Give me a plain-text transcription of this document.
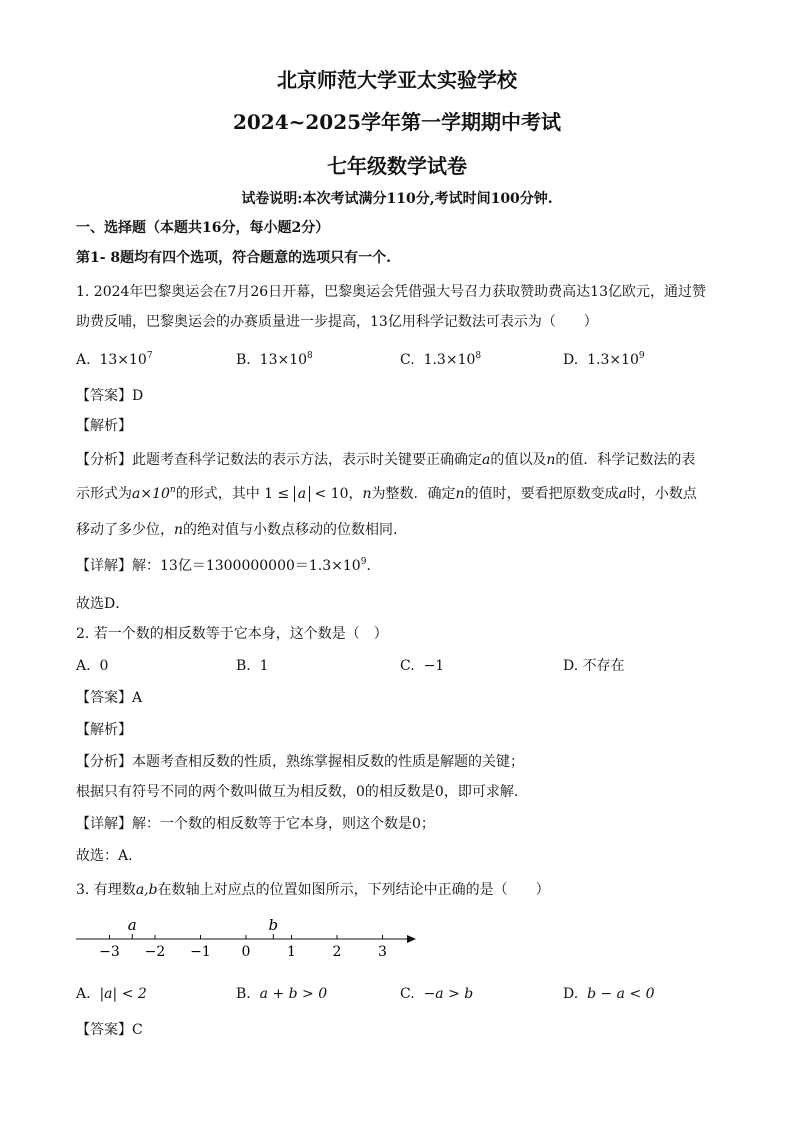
北京师范大学亚太实验学校
2024~2025学年第一学期期中考试
七年级数学试卷
试卷说明:本次考试满分110分,考试时间100分钟.
一、选择题（本题共16分，每小题2分）
第1- 8题均有四个选项，符合题意的选项只有一个.
1. 2024年巴黎奥运会在7月26日开幕，巴黎奥运会凭借强大号召力获取赞助费高达13亿欧元，通过赞
助费反哺，巴黎奥运会的办赛质量进一步提高，13亿用科学记数法可表示为（　　）
A. $13\times 10^7$	B. $13\times 10^8$	C. $1.3\times 10^8$	D. $1.3\times 10^9$
【答案】D
【解析】
【分析】此题考查科学记数法的表示方法，表示时关键要正确确定a的值以及n的值．科学记数法的表
示形式为$a\times 10^n$的形式，其中 1 ≤ a < 10，n为整数．确定n的值时，要看把原数变成a时，小数点
移动了多少位，n的绝对值与小数点移动的位数相同.
【详解】解：13亿$=1300000000=1.3\times 10^9$．
故选D．
2. 若一个数的相反数等于它本身，这个数是（　）
A. 0	B. 1	C. −1	D. 不存在
【答案】A
【解析】
【分析】本题考查相反数的性质，熟练掌握相反数的性质是解题的关键；
根据只有符号不同的两个数叫做互为相反数，0的相反数是0，即可求解.
【详解】解：一个数的相反数等于它本身，则这个数是0；
故选：A.
3. 有理数a,b在数轴上对应点的位置如图所示，下列结论中正确的是（　　）
−3 −2 −1 0	1	2	3
a	b
A. |a| < 2	B. a + b > 0	C. −a > b	D. b − a < 0
【答案】C
